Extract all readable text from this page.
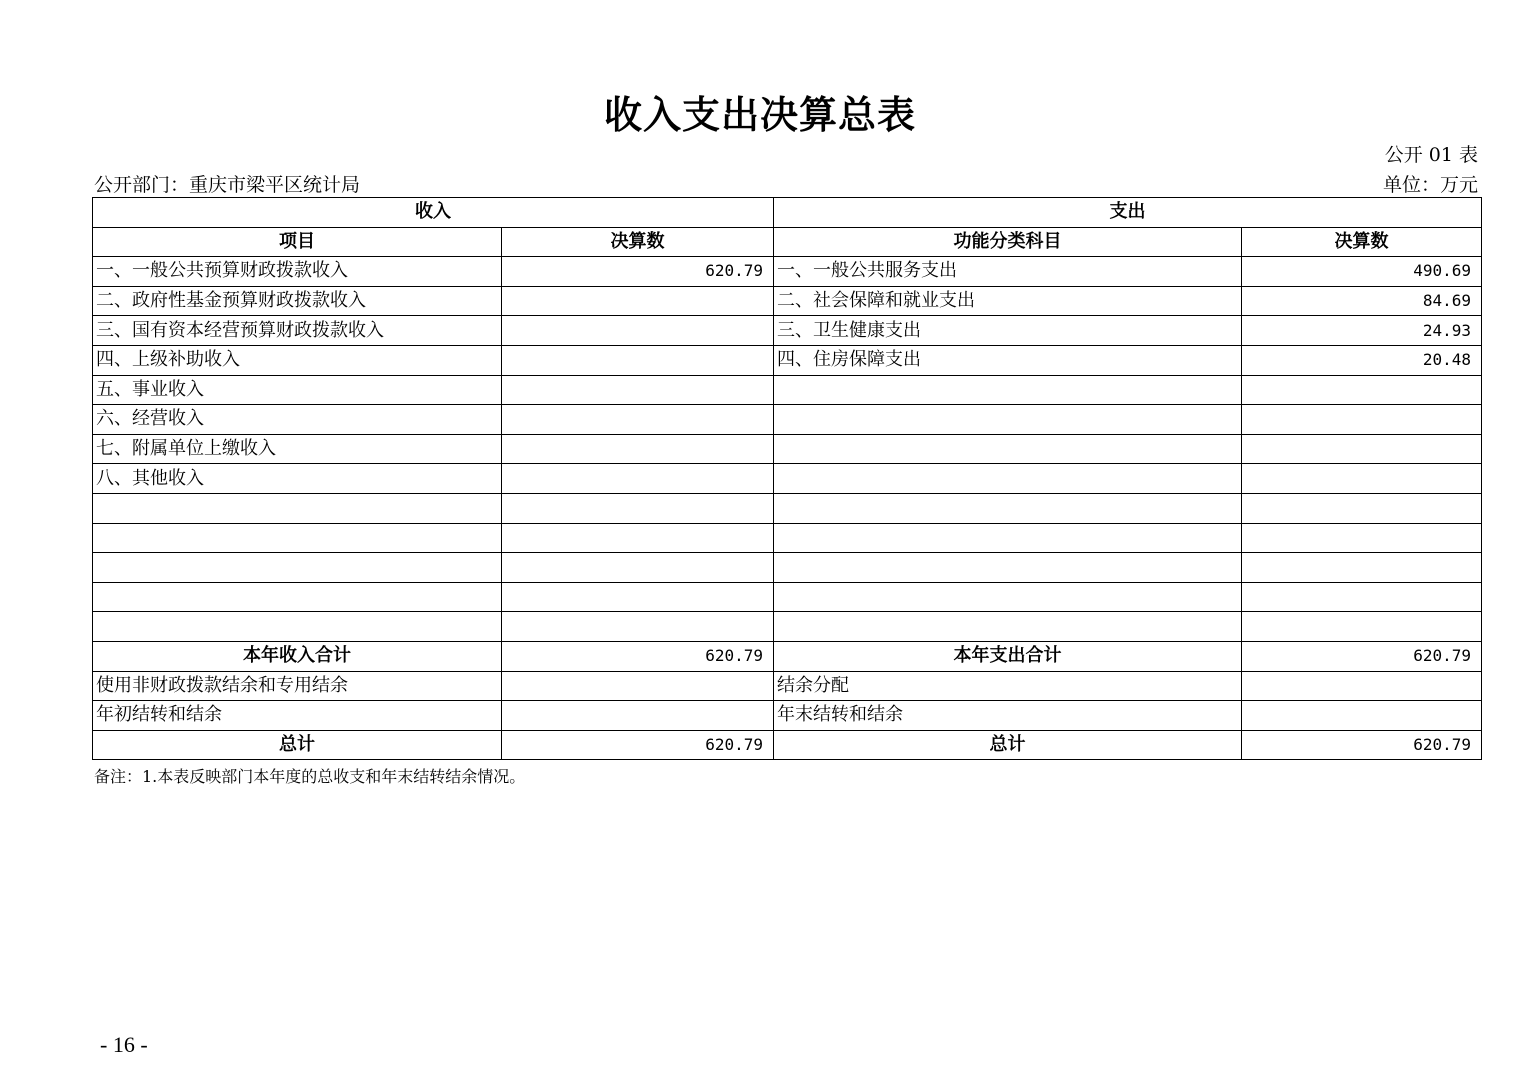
收入支出决算总表
公开 01 表
公开部门：重庆市梁平区统计局	单位：万元
收入		支出	
项目	决算数	功能分类科目	决算数
一、一般公共预算财政拨款收入	620.79	一、一般公共服务支出	490.69
二、政府性基金预算财政拨款收入		二、社会保障和就业支出	84.69
三、国有资本经营预算财政拨款收入		三、卫生健康支出	24.93
四、上级补助收入		四、住房保障支出	20.48
五、事业收入			
六、经营收入			
七、附属单位上缴收入			
八、其他收入			

本年收入合计	620.79	本年支出合计	620.79
使用非财政拨款结余和专用结余		结余分配	
年初结转和结余		年末结转和结余	
总计	620.79	总计	620.79
备注：1.本表反映部门本年度的总收支和年末结转结余情况。
- 16 -
